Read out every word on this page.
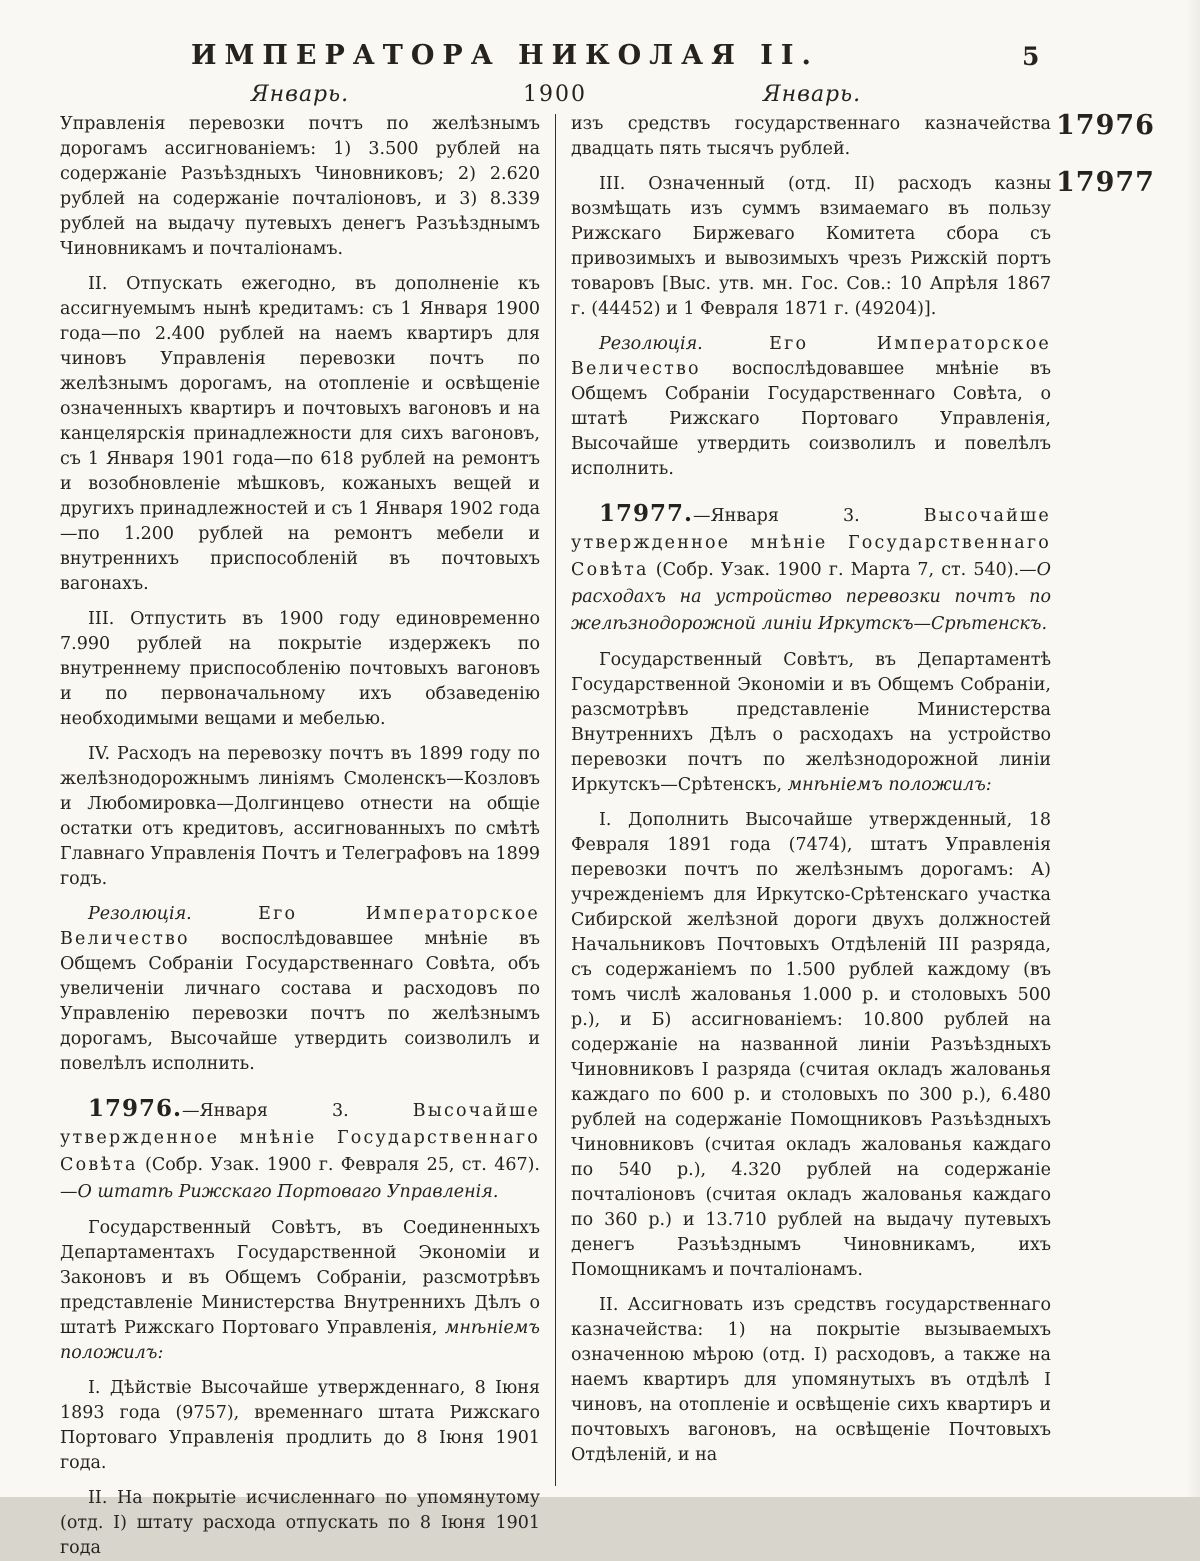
ИМПЕРАТОРА НИКОЛАЯ II.	5
Январь.	1900	Январь.
17976
17977

Управленія перевозки почтъ по желѣзнымъ дорогамъ ассигнованіемъ: 1) 3.500 рублей на содержаніе Разъѣздныхъ Чиновниковъ; 2) 2.620 рублей на содержаніе почталіоновъ, и 3) 8.339 рублей на выдачу путевыхъ денегъ Разъѣзднымъ Чиновникамъ и почталіонамъ.

II. Отпускать ежегодно, въ дополненіе къ ассигнуемымъ нынѣ кредитамъ: съ 1 Января 1900 года—по 2.400 рублей на наемъ квартиръ для чиновъ Управленія перевозки почтъ по желѣзнымъ дорогамъ, на отопленіе и освѣщеніе означенныхъ квартиръ и почтовыхъ вагоновъ и на канцелярскія принадлежности для сихъ вагоновъ, съ 1 Января 1901 года—по 618 рублей на ремонтъ и возобновленіе мѣшковъ, кожаныхъ вещей и другихъ принадлежностей и съ 1 Января 1902 года—по 1.200 рублей на ремонтъ мебели и внутреннихъ приспособленій въ почтовыхъ вагонахъ.

III. Отпустить въ 1900 году единовременно 7.990 рублей на покрытіе издержекъ по внутреннему приспособленію почтовыхъ вагоновъ и по первоначальному ихъ обзаведенію необходимыми вещами и мебелью.

IV. Расходъ на перевозку почтъ въ 1899 году по желѣзнодорожнымъ линіямъ Смоленскъ—Козловъ и Любомировка—Долгинцево отнести на общіе остатки отъ кредитовъ, ассигнованныхъ по смѣтѣ Главнаго Управленія Почтъ и Телеграфовъ на 1899 годъ.

Резолюція.	Его Императорское Величество воспослѣдовавшее мнѣніе въ Общемъ Собраніи Государственнаго Совѣта, объ увеличеніи личнаго состава и расходовъ по Управленію перевозки почтъ по желѣзнымъ дорогамъ, Высочайше утвердить соизволилъ и повелѣлъ исполнить.

17976.—Января 3.	Высочайше утвержденное мнѣніе Государственнаго Совѣта (Собр. Узак. 1900 г. Февраля 25, ст. 467).—О штатѣ Рижскаго Портоваго Управленія.

Государственный Совѣтъ, въ Соединенныхъ Департаментахъ Государственной Экономіи и Законовъ и въ Общемъ Собраніи, разсмотрѣвъ представленіе Министерства Внутреннихъ Дѣлъ о штатѣ Рижскаго Портоваго Управленія, мнѣніемъ положилъ:

I. Дѣйствіе Высочайше утвержденнаго, 8 Іюня 1893 года (9757), временнаго штата Рижскаго Портоваго Управленія продлить до 8 Іюня 1901 года.

II. На покрытіе исчисленнаго по упомянутому (отд. I) штату расхода отпускать по 8 Іюня 1901 года

изъ средствъ государственнаго казначейства двадцать пять тысячъ рублей.

III. Означенный (отд. II) расходъ казны возмѣщать изъ суммъ взимаемаго въ пользу Рижскаго Биржеваго Комитета сбора съ привозимыхъ и вывозимыхъ чрезъ Рижскій портъ товаровъ [Выс. утв. мн. Гос. Сов.: 10 Апрѣля 1867 г. (44452) и 1 Февраля 1871 г. (49204)].

Резолюція.	Его Императорское Величество воспослѣдовавшее мнѣніе въ Общемъ Собраніи Государственнаго Совѣта, о штатѣ Рижскаго Портоваго Управленія, Высочайше утвердить соизволилъ и повелѣлъ исполнить.

17977.—Января 3.	Высочайше утвержденное мнѣніе Государственнаго Совѣта (Собр. Узак. 1900 г. Марта 7, ст. 540).—О расходахъ на устройство перевозки почтъ по желѣзнодорожной линіи Иркутскъ—Срѣтенскъ.

Государственный Совѣтъ, въ Департаментѣ Государственной Экономіи и въ Общемъ Собраніи, разсмотрѣвъ представленіе Министерства Внутреннихъ Дѣлъ о расходахъ на устройство перевозки почтъ по желѣзнодорожной линіи Иркутскъ—Срѣтенскъ, мнѣніемъ положилъ:

I. Дополнить Высочайше утвержденный, 18 Февраля 1891 года (7474), штатъ Управленія перевозки почтъ по желѣзнымъ дорогамъ: А) учрежденіемъ для Иркутско-Срѣтенскаго участка Сибирской желѣзной дороги двухъ должностей Начальниковъ Почтовыхъ Отдѣленій III разряда, съ содержаніемъ по 1.500 рублей каждому (въ томъ числѣ жалованья 1.000 р. и столовыхъ 500 р.), и Б) ассигнованіемъ: 10.800 рублей на содержаніе на названной линіи Разъѣздныхъ Чиновниковъ I разряда (считая окладъ жалованья каждаго по 600 р. и столовыхъ по 300 р.), 6.480 рублей на содержаніе Помощниковъ Разъѣздныхъ Чиновниковъ (считая окладъ жалованья каждаго по 540 р.), 4.320 рублей на содержаніе почталіоновъ (считая окладъ жалованья каждаго по 360 р.) и 13.710 рублей на выдачу путевыхъ денегъ Разъѣзднымъ Чиновникамъ, ихъ Помощникамъ и почталіонамъ.

II. Ассигновать изъ средствъ государственнаго казначейства: 1) на покрытіе вызываемыхъ означенною мѣрою (отд. I) расходовъ, а также на наемъ квартиръ для упомянутыхъ въ отдѣлѣ I чиновъ, на отопленіе и освѣщеніе сихъ квартиръ и почтовыхъ вагоновъ, на освѣщеніе Почтовыхъ Отдѣленій, и на
